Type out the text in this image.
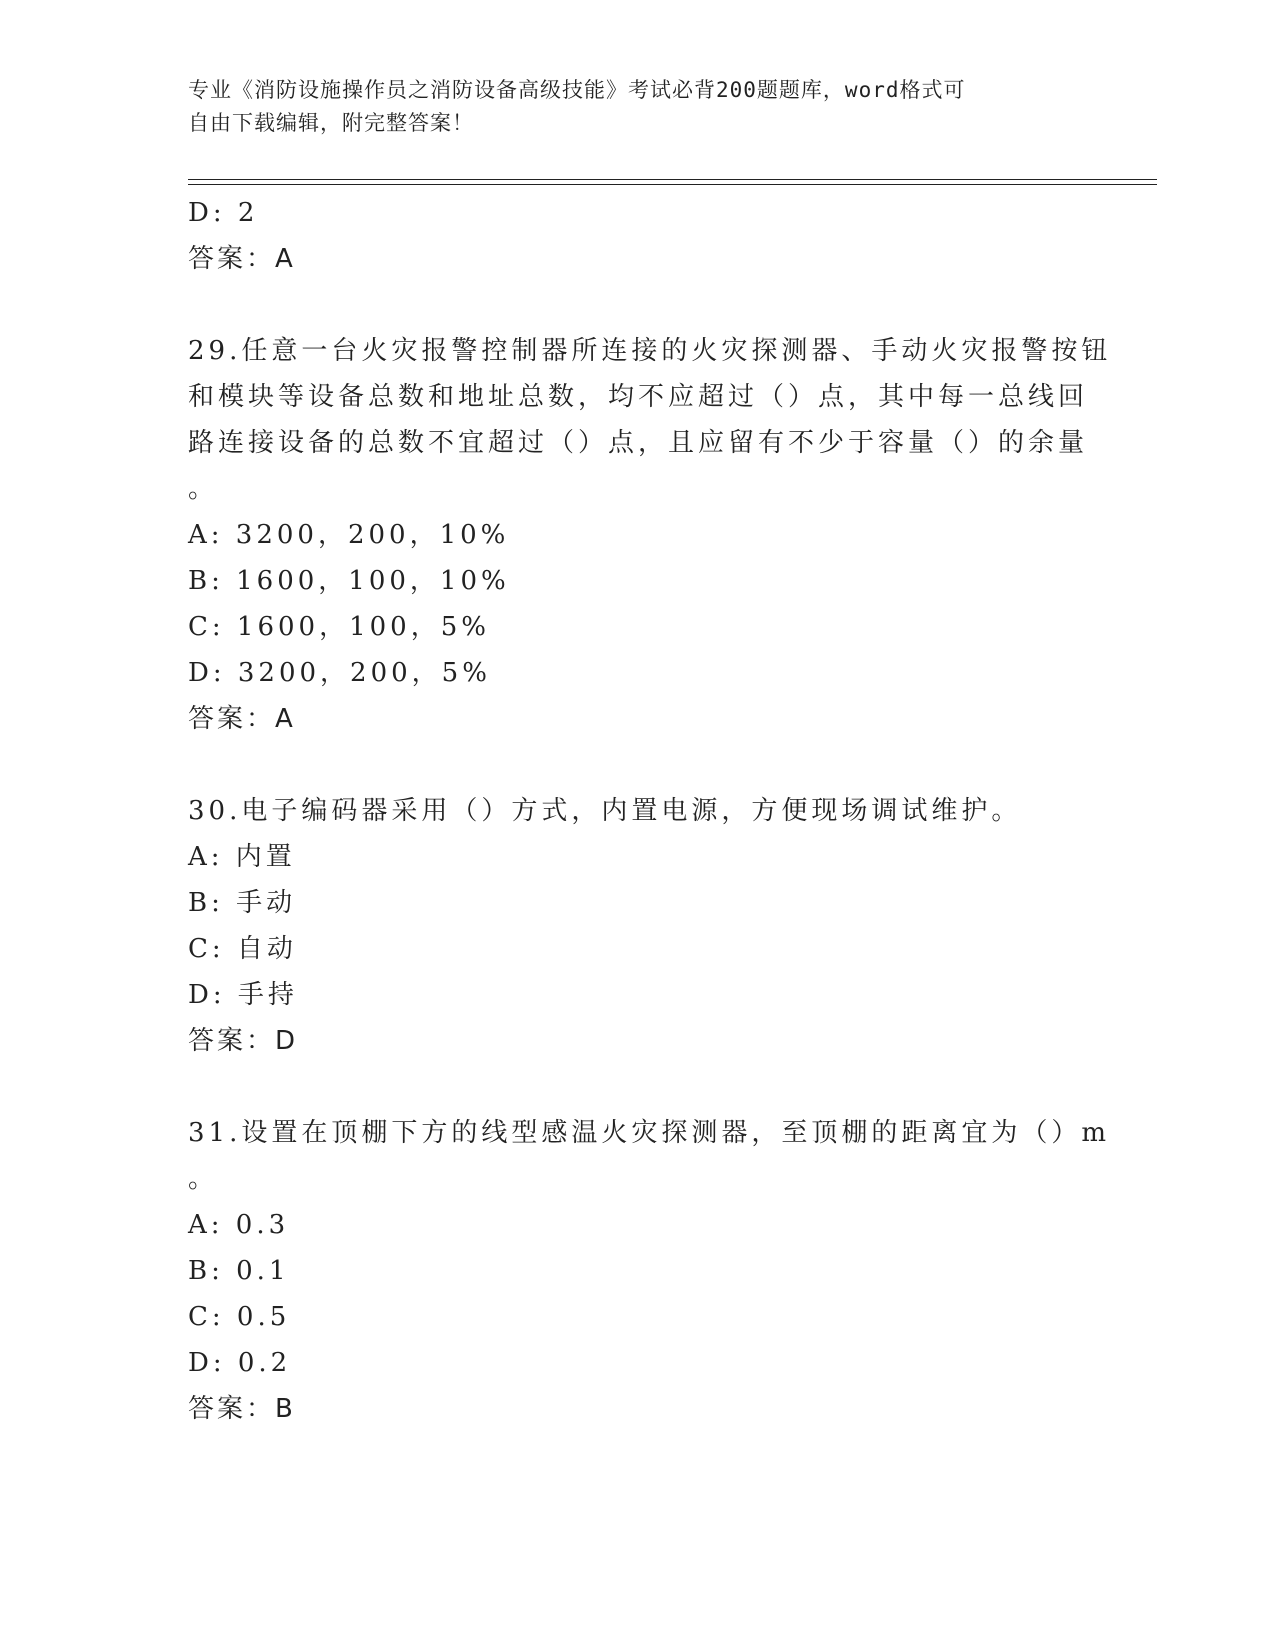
专业《消防设施操作员之消防设备高级技能》考试必背200题题库，word格式可
自由下载编辑，附完整答案！
D: 2
答案：A
29.任意一台火灾报警控制器所连接的火灾探测器、手动火灾报警按钮
和模块等设备总数和地址总数，均不应超过（）点，其中每一总线回
路连接设备的总数不宜超过（）点，且应留有不少于容量（）的余量
。
A: 3200，200，10%
B: 1600，100，10%
C: 1600，100，5%
D: 3200，200，5%
答案：A
30.电子编码器采用（）方式，内置电源，方便现场调试维护。
A: 内置
B: 手动
C: 自动
D: 手持
答案：D
31.设置在顶棚下方的线型感温火灾探测器，至顶棚的距离宜为（）m
。
A: 0.3
B: 0.1
C: 0.5
D: 0.2
答案：B
